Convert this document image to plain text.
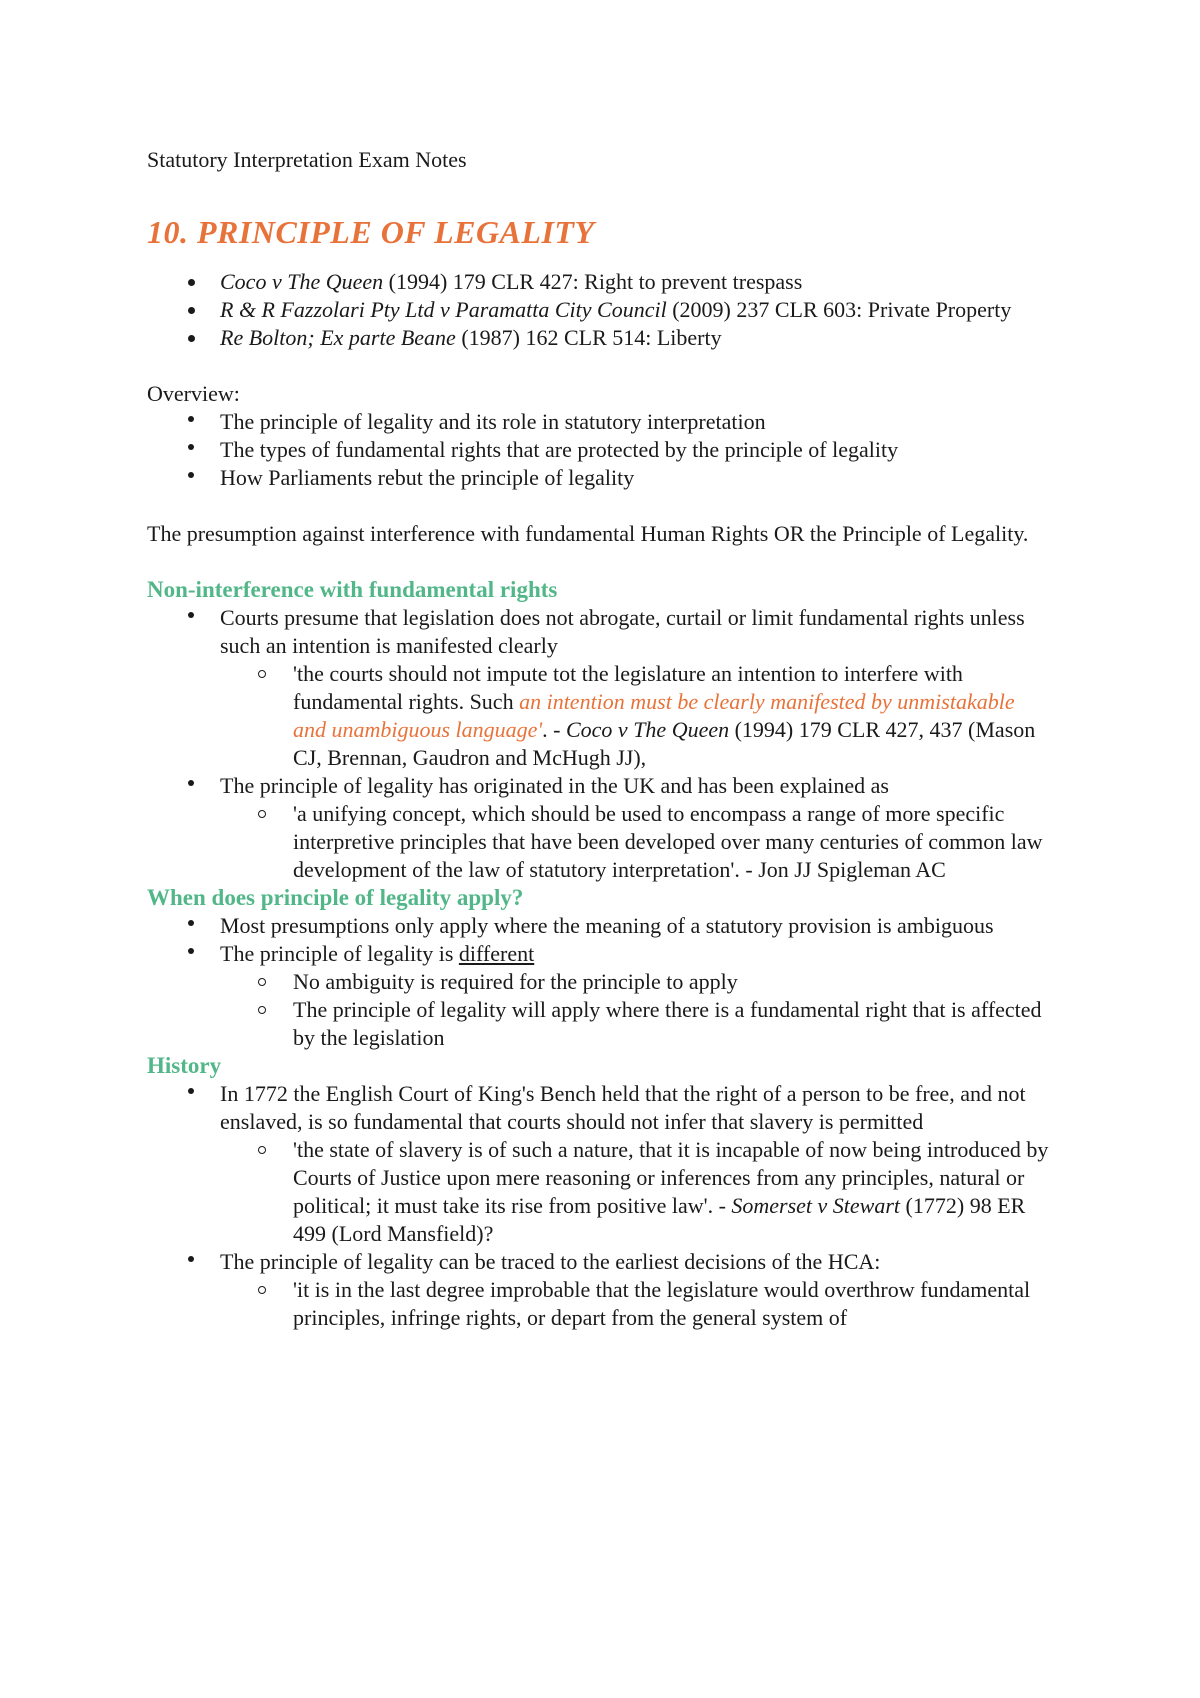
Statutory Interpretation Exam Notes

10. PRINCIPLE OF LEGALITY
Coco v The Queen (1994) 179 CLR 427: Right to prevent trespass
R & R Fazzolari Pty Ltd v Paramatta City Council (2009) 237 CLR 603: Private Property
Re Bolton; Ex parte Beane (1987) 162 CLR 514: Liberty

Overview:

The principle of legality and its role in statutory interpretation
The types of fundamental rights that are protected by the principle of legality
How Parliaments rebut the principle of legality

The presumption against interference with fundamental Human Rights OR the Principle of Legality.

Non-interference with fundamental rights
Courts presume that legislation does not abrogate, curtail or limit fundamental rights unless such an intention is manifested clearly
'the courts should not impute tot the legislature an intention to interfere with fundamental rights. Such an intention must be clearly manifested by unmistakable and unambiguous language'. - Coco v The Queen (1994) 179 CLR 427, 437 (Mason CJ, Brennan, Gaudron and McHugh JJ),
The principle of legality has originated in the UK and has been explained as
'a unifying concept, which should be used to encompass a range of more specific interpretive principles that have been developed over many centuries of common law development of the law of statutory interpretation'. - Jon JJ Spigleman AC
When does principle of legality apply?
Most presumptions only apply where the meaning of a statutory provision is ambiguous
The principle of legality is different
No ambiguity is required for the principle to apply
The principle of legality will apply where there is a fundamental right that is affected by the legislation
History
In 1772 the English Court of King's Bench held that the right of a person to be free, and not enslaved, is so fundamental that courts should not infer that slavery is permitted
'the state of slavery is of such a nature, that it is incapable of now being introduced by Courts of Justice upon mere reasoning or inferences from any principles, natural or political; it must take its rise from positive law'. - Somerset v Stewart (1772) 98 ER 499 (Lord Mansfield)?
The principle of legality can be traced to the earliest decisions of the HCA:
'it is in the last degree improbable that the legislature would overthrow fundamental principles, infringe rights, or depart from the general system of
